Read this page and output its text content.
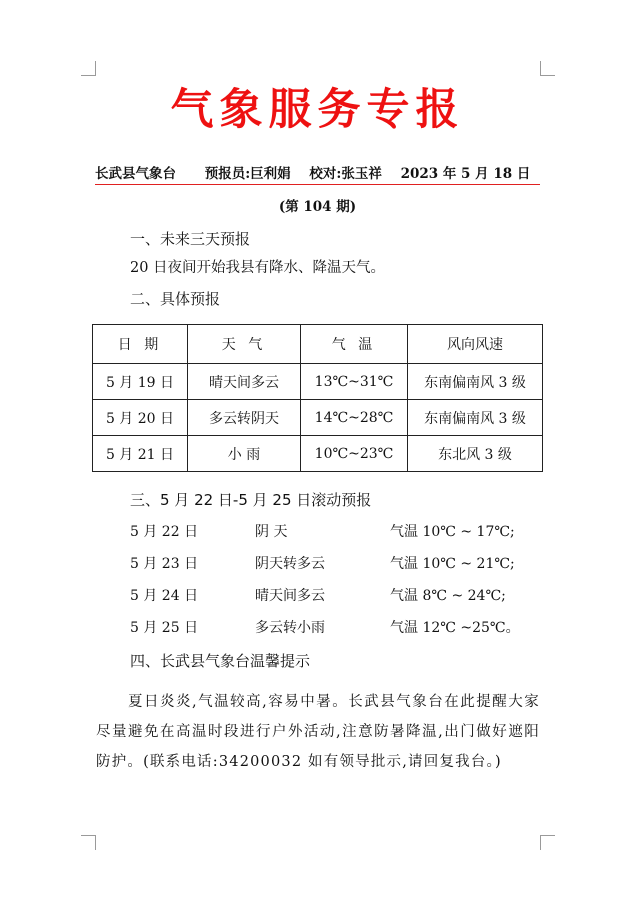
气象服务专报
长武县气象台 预报员:巨利娟 校对:张玉祥 2023 年 5 月 18 日
(第 104 期)
一、未来三天预报
20 日夜间开始我县有降水、降温天气。
二、具体预报
日 期	天 气	气 温	风向风速
5 月 19 日	晴天间多云	13℃~31℃	东南偏南风 3 级
5 月 20 日	多云转阴天	14℃~28℃	东南偏南风 3 级
5 月 21 日	小 雨	10℃~23℃	东北风 3 级
三、5 月 22 日-5 月 25 日滚动预报
5 月 22 日	阴 天	气温 10℃ ~ 17℃;
5 月 23 日	阴天转多云	气温 10℃ ~ 21℃;
5 月 24 日	晴天间多云	气温 8℃ ~ 24℃;
5 月 25 日	多云转小雨	气温 12℃ ~25℃。
四、长武县气象台温馨提示
夏日炎炎,气温较高,容易中暑。长武县气象台在此提醒大家尽量避免在高温时段进行户外活动,注意防暑降温,出门做好遮阳防护。(联系电话:34200032 如有领导批示,请回复我台。)
